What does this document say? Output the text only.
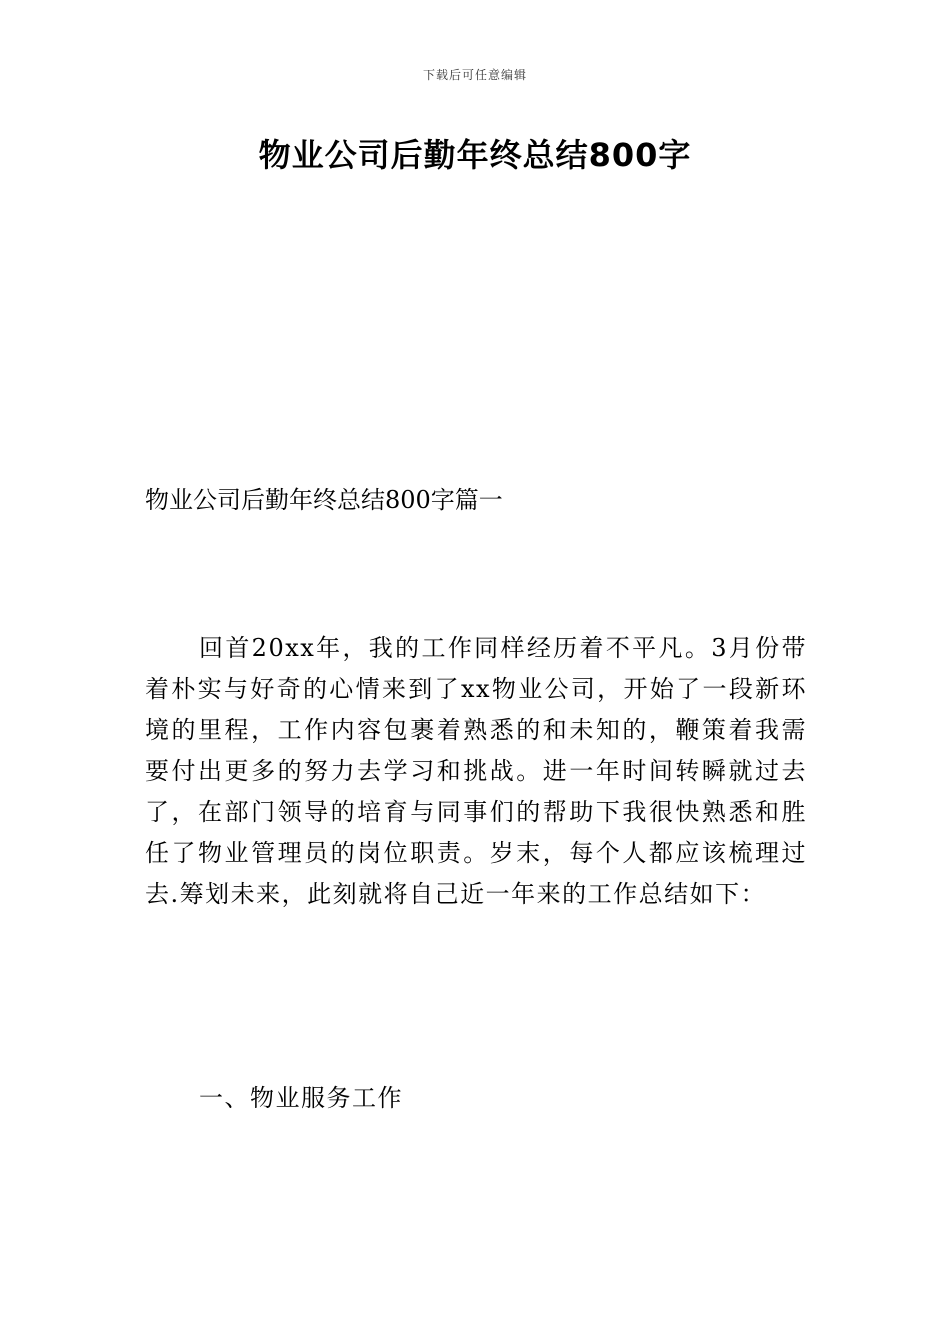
下载后可任意编辑
物业公司后勤年终总结800字
物业公司后勤年终总结800字篇一

回首20xx年，我的工作同样经历着不平凡。3月份带着朴实与好奇的心情来到了xx物业公司，开始了一段新环境的里程，工作内容包裹着熟悉的和未知的，鞭策着我需要付出更多的努力去学习和挑战。进一年时间转瞬就过去了，在部门领导的培育与同事们的帮助下我很快熟悉和胜任了物业管理员的岗位职责。岁末，每个人都应该梳理过去.筹划未来，此刻就将自己近一年来的工作总结如下：

一、物业服务工作
